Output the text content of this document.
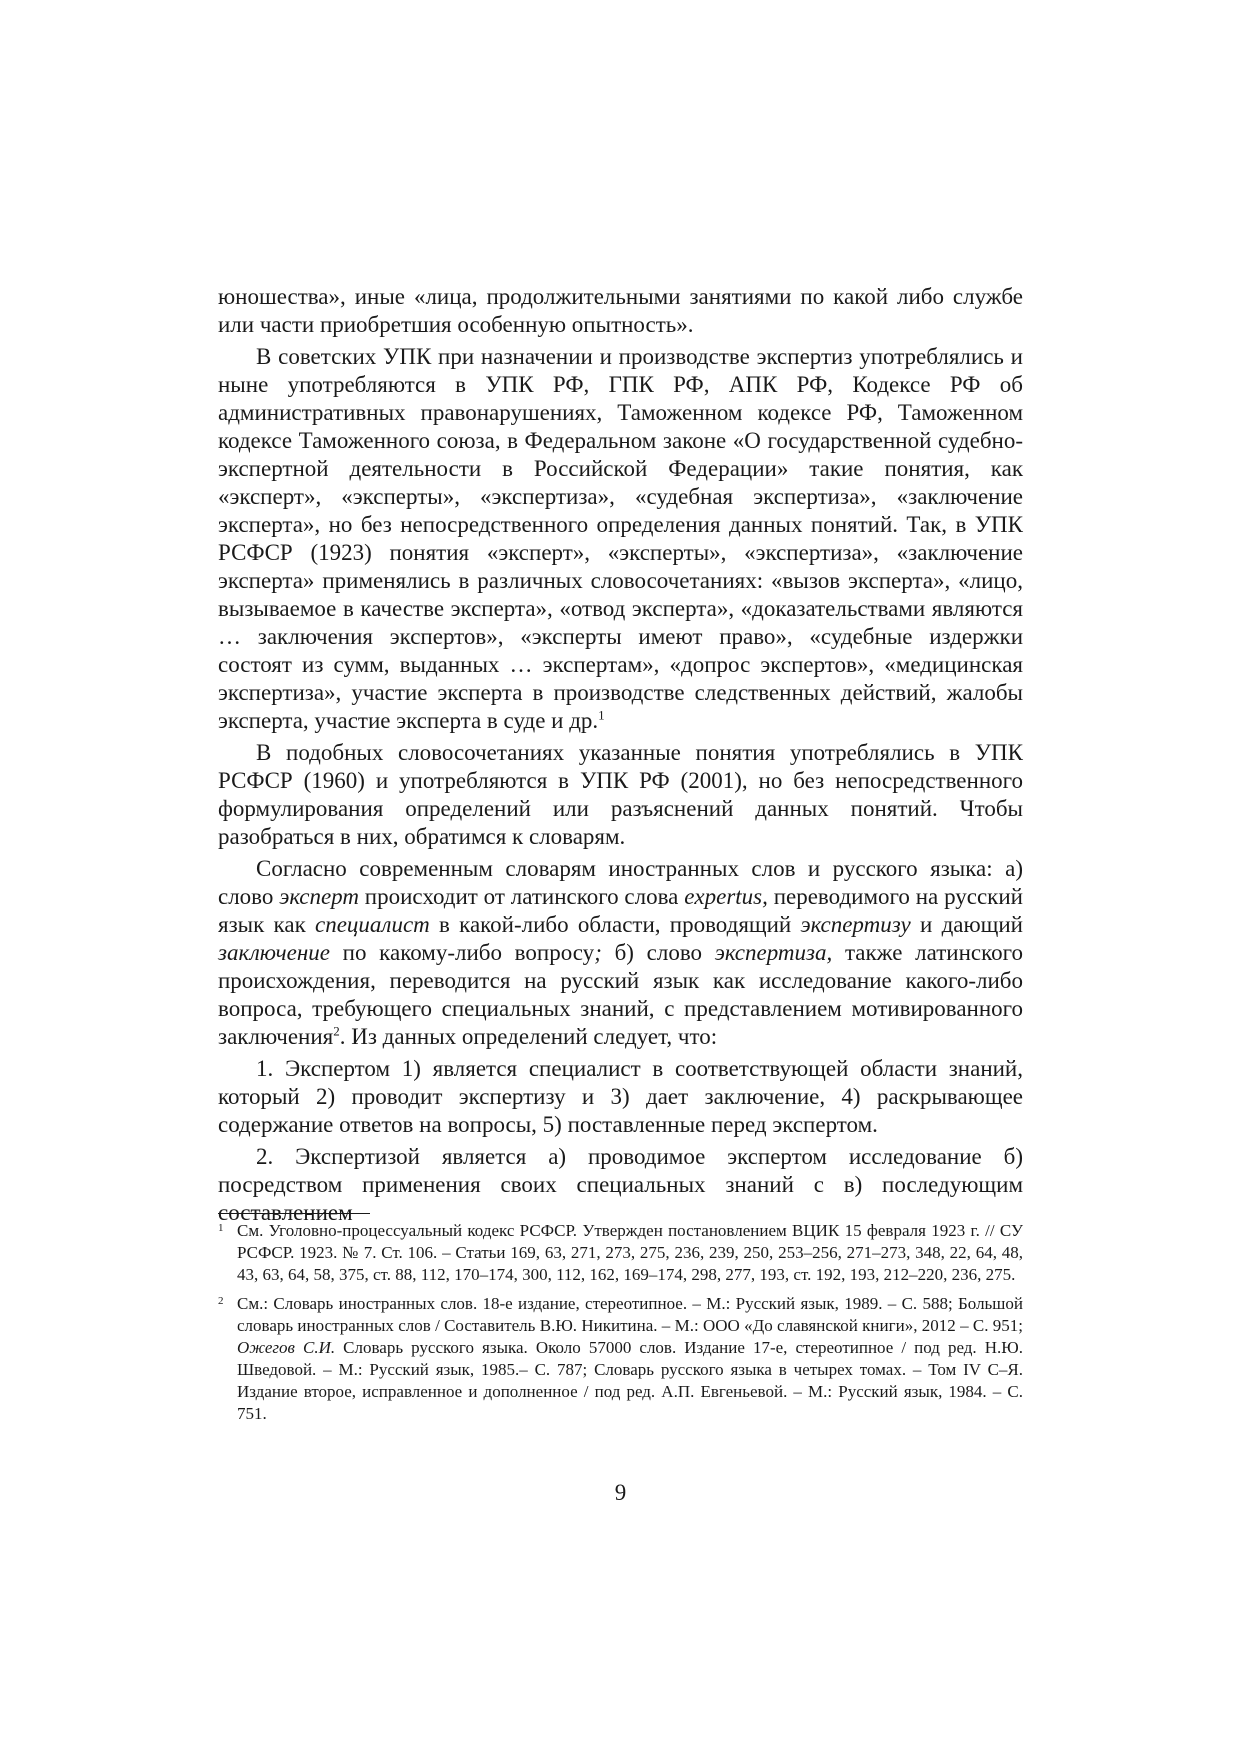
юношества», иные «лица, продолжительными занятиями по какой либо службе или части приобретшия особенную опытность».

В советских УПК при назначении и производстве экспертиз употреблялись и ныне употребляются в УПК РФ, ГПК РФ, АПК РФ, Кодексе РФ об административных правонарушениях, Таможенном кодексе РФ, Таможенном кодексе Таможенного союза, в Федеральном законе «О государственной судебно-экспертной деятельности в Российской Федерации» такие понятия, как «эксперт», «эксперты», «экспертиза», «судебная экспертиза», «заключение эксперта», но без непосредственного определения данных понятий. Так, в УПК РСФСР (1923) понятия «эксперт», «эксперты», «экспертиза», «заключение эксперта» применялись в различных словосочетаниях: «вызов эксперта», «лицо, вызываемое в качестве эксперта», «отвод эксперта», «доказательствами являются … заключения экспертов», «эксперты имеют право», «судебные издержки состоят из сумм, выданных … экспертам», «допрос экспертов», «медицинская экспертиза», участие эксперта в производстве следственных действий, жалобы эксперта, участие эксперта в суде и др.$^1$

В подобных словосочетаниях указанные понятия употреблялись в УПК РСФСР (1960) и употребляются в УПК РФ (2001), но без непосредственного формулирования определений или разъяснений данных понятий. Чтобы разобраться в них, обратимся к словарям.

Согласно современным словарям иностранных слов и русского языка: а) слово эксперт происходит от латинского слова expertus, переводимого на русский язык как специалист в какой-либо области, проводящий экспертизу и дающий заключение по какому-либо вопросу; б) слово экспертиза, также латинского происхождения, переводится на русский язык как исследование какого-либо вопроса, требующего специальных знаний, с представлением мотивированного заключения$^2$. Из данных определений следует, что:

1. Экспертом 1) является специалист в соответствующей области знаний, который 2) проводит экспертизу и 3) дает заключение, 4) раскрывающее содержание ответов на вопросы, 5) поставленные перед экспертом.

2. Экспертизой является а) проводимое экспертом исследование б) посредством применения своих специальных знаний с в) последующим составлением

1 См. Уголовно-процессуальный кодекс РСФСР. Утвержден постановлением ВЦИК 15 февраля 1923 г. // СУ РСФСР. 1923. № 7. Ст. 106. – Статьи 169, 63, 271, 273, 275, 236, 239, 250, 253–256, 271–273, 348, 22, 64, 48, 43, 63, 64, 58, 375, ст. 88, 112, 170–174, 300, 112, 162, 169–174, 298, 277, 193, ст. 192, 193, 212–220, 236, 275.

2 См.: Словарь иностранных слов. 18-е издание, стереотипное. – М.: Русский язык, 1989. – С. 588; Большой словарь иностранных слов / Составитель В.Ю. Никитина. – М.: ООО «До славянской книги», 2012 – С. 951; Ожегов С.И. Словарь русского языка. Около 57000 слов. Издание 17-е, стереотипное / под ред. Н.Ю. Шведовой. – М.: Русский язык, 1985.– С. 787; Словарь русского языка в четырех томах. – Том IV С–Я. Издание второе, исправленное и дополненное / под ред. А.П. Евгеньевой. – М.: Русский язык, 1984. – С. 751.

9
